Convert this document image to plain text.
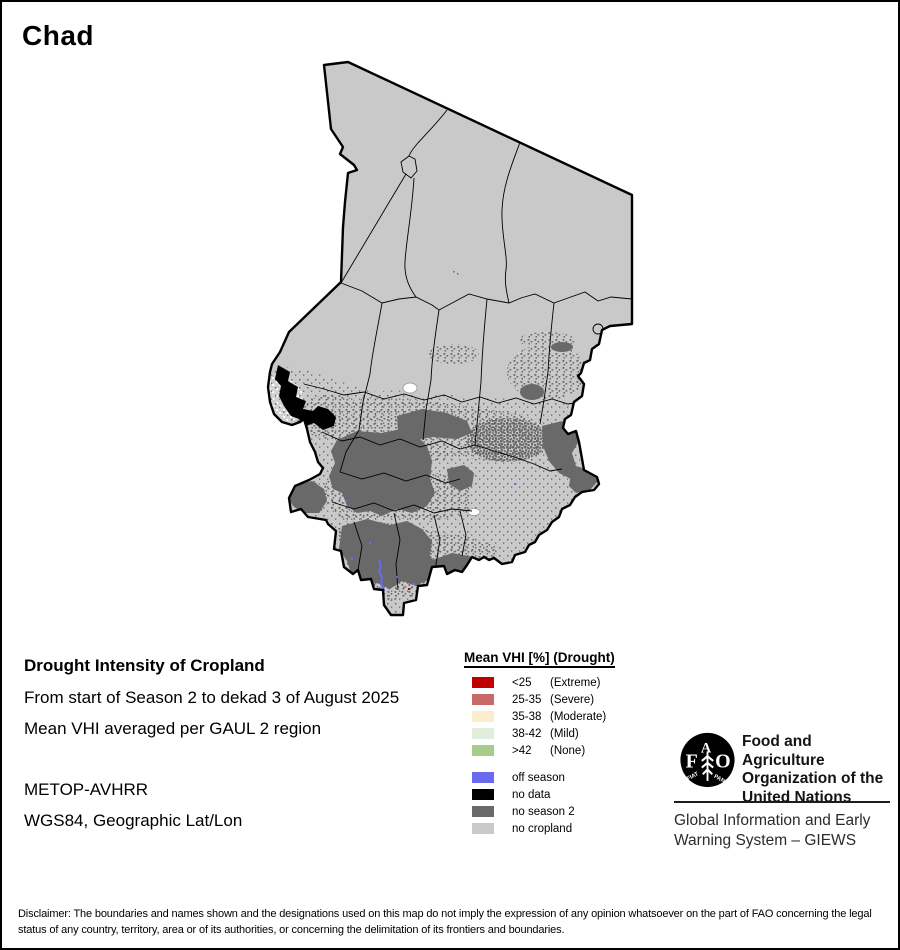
Chad
Drought Intensity of Cropland
From start of Season 2 to dekad 3 of August 2025
Mean VHI averaged per GAUL 2 region
METOP-AVHRR
WGS84, Geographic Lat/Lon
Mean VHI [%] (Drought)
<25	(Extreme)
25-35 (Severe)
35-38 (Moderate)
38-42 (Mild)
>42	(None)
off season
no data
no season 2
no cropland
F
A
O
FIAT PANIS
Food and Agriculture
Organization of the
United Nations
Global Information and Early
Warning System – GIEWS
Disclaimer: The boundaries and names shown and the designations used on this map do not imply the expression of any opinion whatsoever on the part of FAO concerning the legal status of any country, territory, area or of its authorities, or concerning the delimitation of its frontiers and boundaries.
